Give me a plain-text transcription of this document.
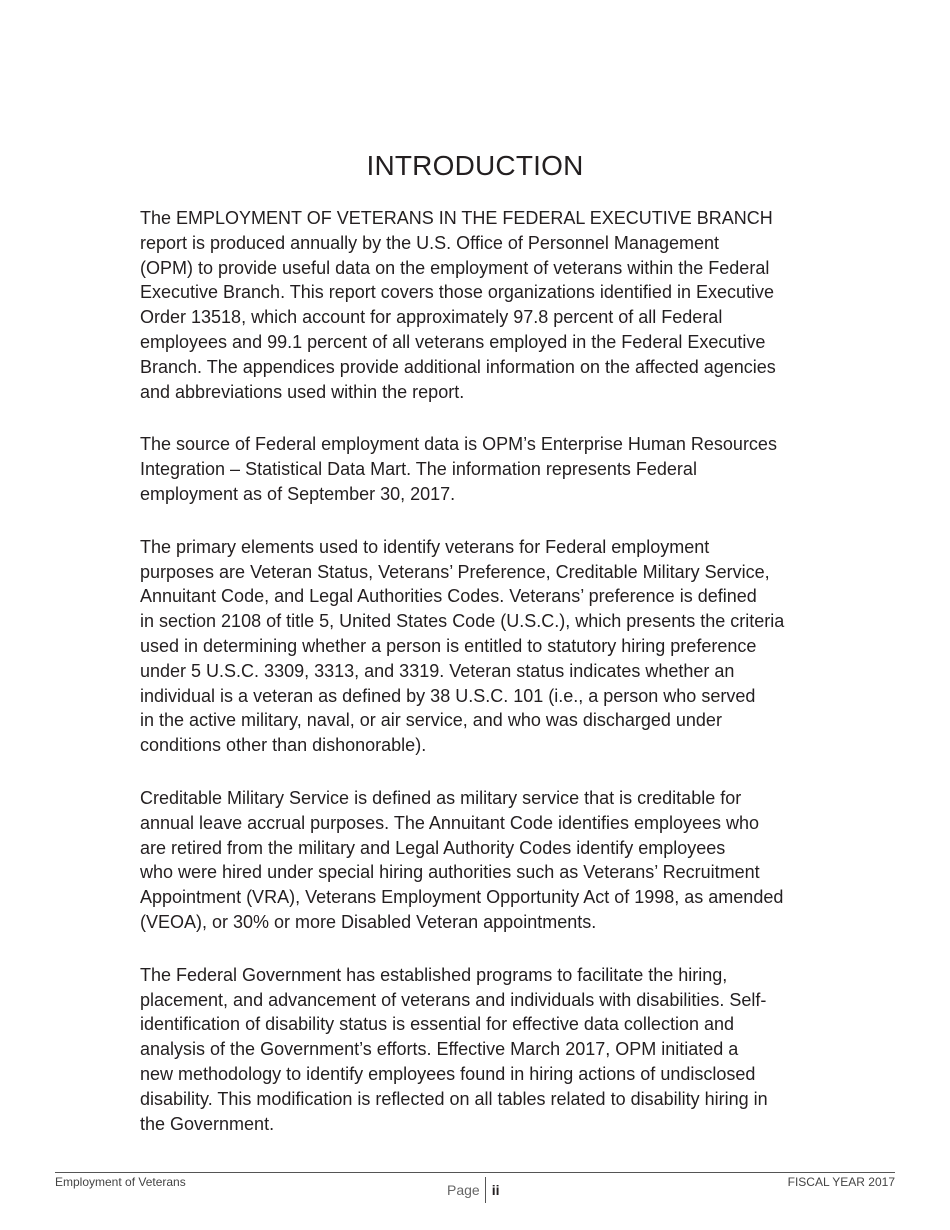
INTRODUCTION

The EMPLOYMENT OF VETERANS IN THE FEDERAL EXECUTIVE BRANCH
report is produced annually by the U.S. Office of Personnel Management
(OPM) to provide useful data on the employment of veterans within the Federal
Executive Branch. This report covers those organizations identified in Executive
Order 13518, which account for approximately 97.8 percent of all Federal
employees and 99.1 percent of all veterans employed in the Federal Executive
Branch. The appendices provide additional information on the affected agencies
and abbreviations used within the report.

The source of Federal employment data is OPM’s Enterprise Human Resources
Integration – Statistical Data Mart. The information represents Federal
employment as of September 30, 2017.

The primary elements used to identify veterans for Federal employment
purposes are Veteran Status, Veterans’ Preference, Creditable Military Service,
Annuitant Code, and Legal Authorities Codes. Veterans’ preference is defined
in section 2108 of title 5, United States Code (U.S.C.), which presents the criteria
used in determining whether a person is entitled to statutory hiring preference
under 5 U.S.C. 3309, 3313, and 3319. Veteran status indicates whether an
individual is a veteran as defined by 38 U.S.C. 101 (i.e., a person who served
in the active military, naval, or air service, and who was discharged under
conditions other than dishonorable).

Creditable Military Service is defined as military service that is creditable for
annual leave accrual purposes. The Annuitant Code identifies employees who
are retired from the military and Legal Authority Codes identify employees
who were hired under special hiring authorities such as Veterans’ Recruitment
Appointment (VRA), Veterans Employment Opportunity Act of 1998, as amended
(VEOA), or 30% or more Disabled Veteran appointments.

The Federal Government has established programs to facilitate the hiring,
placement, and advancement of veterans and individuals with disabilities. Self-
identification of disability status is essential for effective data collection and
analysis of the Government’s efforts. Effective March 2017, OPM initiated a
new methodology to identify employees found in hiring actions of undisclosed
disability. This modification is reflected on all tables related to disability hiring in
the Government.

Employment of Veterans	Page ii	FISCAL YEAR 2017
